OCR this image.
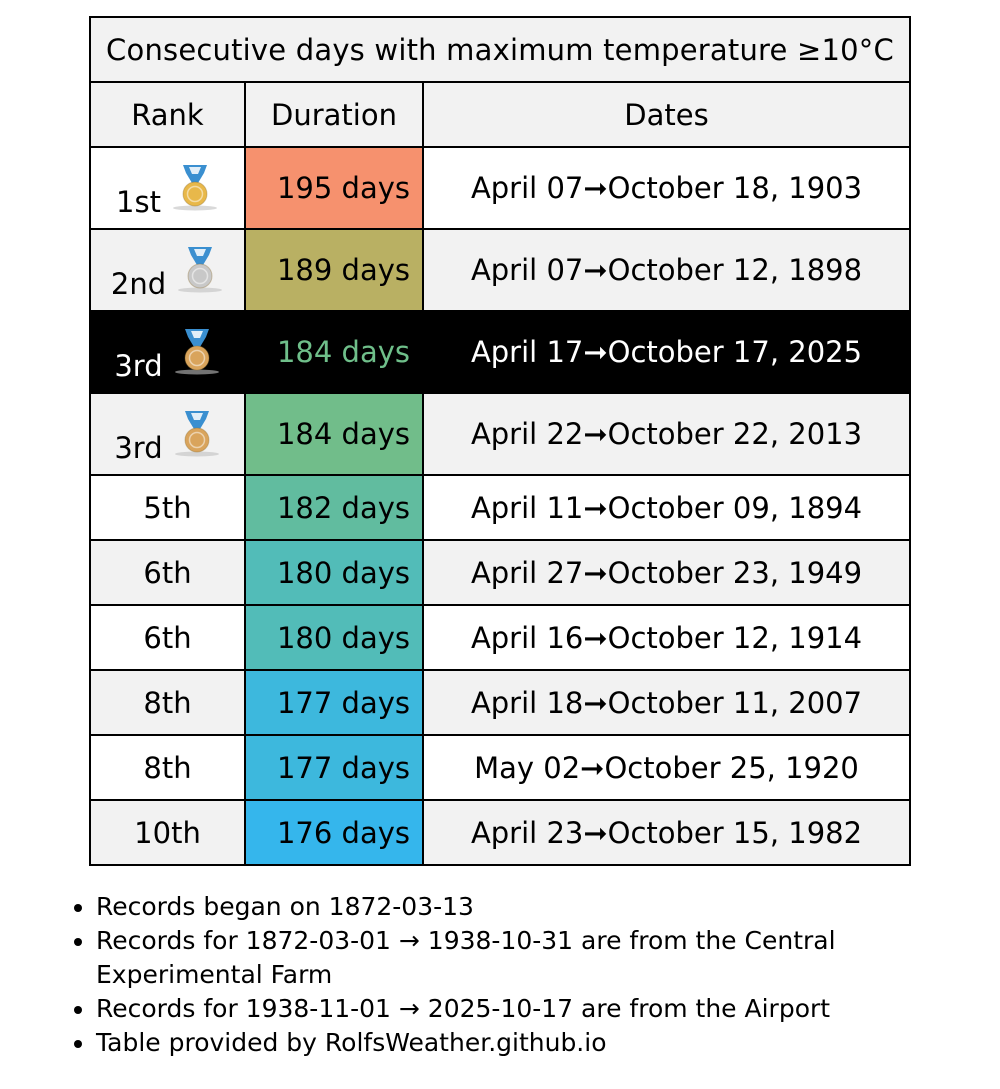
Consecutive days with maximum temperature ≥10°C		
Rank	Duration	Dates

1st	195 days	April 07➞October 18, 1903

2nd	189 days	April 07➞October 12, 1898

3rd	184 days	April 17➞October 17, 2025

3rd	184 days	April 22➞October 22, 2013
5th	182 days	April 11➞October 09, 1894
6th	180 days	April 27➞October 23, 1949
6th	180 days	April 16➞October 12, 1914
8th	177 days	April 18➞October 11, 2007
8th	177 days	May 02➞October 25, 1920
10th	176 days	April 23➞October 15, 1982
Records began on 1872-03-13
Records for 1872-03-01 → 1938-10-31 are from the Central Experimental Farm
Records for 1938-11-01 → 2025-10-17 are from the Airport
Table provided by RolfsWeather.github.io
